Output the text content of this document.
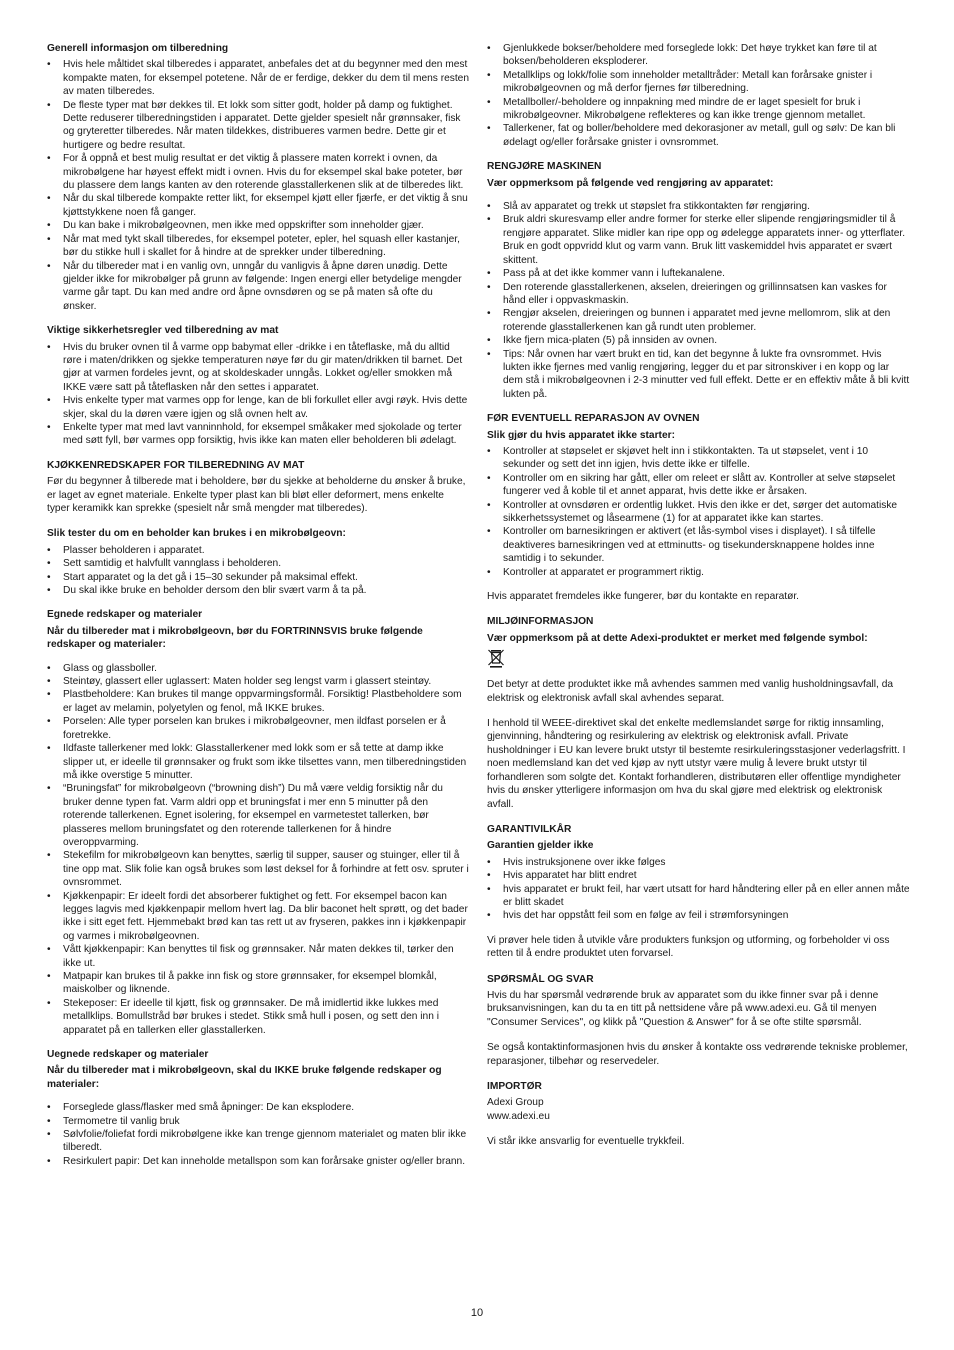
Generell informasjon om tilberedning
• Hvis hele måltidet skal tilberedes i apparatet, anbefales det at du begynner med den mest kompakte maten, for eksempel potetene. Når de er ferdige, dekker du dem til mens resten av maten tilberedes.
• De fleste typer mat bør dekkes til. Et lokk som sitter godt, holder på damp og fuktighet. Dette reduserer tilberedningstiden i apparatet. Dette gjelder spesielt når grønnsaker, fisk og gryteretter tilberedes. Når maten tildekkes, distribueres varmen bedre. Dette gir et hurtigere og bedre resultat.
• For å oppnå et best mulig resultat er det viktig å plassere maten korrekt i ovnen, da mikrobølgene har høyest effekt midt i ovnen. Hvis du for eksempel skal bake poteter, bør du plassere dem langs kanten av den roterende glasstallerkenen slik at de tilberedes likt.
• Når du skal tilberede kompakte retter likt, for eksempel kjøtt eller fjærfe, er det viktig å snu kjøttstykkene noen få ganger.
• Du kan bake i mikrobølgeovnen, men ikke med oppskrifter som inneholder gjær.
• Når mat med tykt skall tilberedes, for eksempel poteter, epler, hel squash eller kastanjer, bør du stikke hull i skallet for å hindre at de sprekker under tilberedning.
• Når du tilbereder mat i en vanlig ovn, unngår du vanligvis å åpne døren unødig. Dette gjelder ikke for mikrobølger på grunn av følgende: Ingen energi eller betydelige mengder varme går tapt. Du kan med andre ord åpne ovnsdøren og se på maten så ofte du ønsker.
Viktige sikkerhetsregler ved tilberedning av mat
• Hvis du bruker ovnen til å varme opp babymat eller -drikke i en tåteflaske, må du alltid røre i maten/drikken og sjekke temperaturen nøye før du gir maten/drikken til barnet. Det gjør at varmen fordeles jevnt, og at skoldeskader unngås. Lokket og/eller smokken må IKKE være satt på tåteflasken når den settes i apparatet.
• Hvis enkelte typer mat varmes opp for lenge, kan de bli forkullet eller avgi røyk. Hvis dette skjer, skal du la døren være igjen og slå ovnen helt av.
• Enkelte typer mat med lavt vanninnhold, for eksempel småkaker med sjokolade og terter med søtt fyll, bør varmes opp forsiktig, hvis ikke kan maten eller beholderen bli ødelagt.
KJØKKENREDSKAPER FOR TILBEREDNING AV MAT
Før du begynner å tilberede mat i beholdere, bør du sjekke at beholderne du ønsker å bruke, er laget av egnet materiale. Enkelte typer plast kan bli bløt eller deformert, mens enkelte typer keramikk kan sprekke (spesielt når små mengder mat tilberedes).
Slik tester du om en beholder kan brukes i en mikrobølgeovn:
• Plasser beholderen i apparatet.
• Sett samtidig et halvfullt vannglass i beholderen.
• Start apparatet og la det gå i 15–30 sekunder på maksimal effekt.
• Du skal ikke bruke en beholder dersom den blir svært varm å ta på.
Egnede redskaper og materialer
Når du tilbereder mat i mikrobølgeovn, bør du FORTRINNSVIS bruke følgende redskaper og materialer:
• Glass og glassboller.
• Steintøy, glassert eller uglassert: Maten holder seg lengst varm i glassert steintøy.
• Plastbeholdere: Kan brukes til mange oppvarmingsformål. Forsiktig! Plastbeholdere som er laget av melamin, polyetylen og fenol, må IKKE brukes.
• Porselen: Alle typer porselen kan brukes i mikrobølgeovner, men ildfast porselen er å foretrekke.
• Ildfaste tallerkener med lokk: Glasstallerkener med lokk som er så tette at damp ikke slipper ut, er ideelle til grønnsaker og frukt som ikke tilsettes vann, men tilberedningstiden må ikke overstige 5 minutter.
• “Bruningsfat” for mikrobølgeovn (“browning dish”) Du må være veldig forsiktig når du bruker denne typen fat. Varm aldri opp et bruningsfat i mer enn 5 minutter på den roterende tallerkenen. Egnet isolering, for eksempel en varmetestet tallerken, bør plasseres mellom bruningsfatet og den roterende tallerkenen for å hindre overoppvarming.
• Stekefilm for mikrobølgeovn kan benyttes, særlig til supper, sauser og stuinger, eller til å tine opp mat. Slik folie kan også brukes som løst deksel for å forhindre at fett osv. spruter i ovnsrommet.
• Kjøkkenpapir: Er ideelt fordi det absorberer fuktighet og fett. For eksempel bacon kan legges lagvis med kjøkkenpapir mellom hvert lag. Da blir baconet helt sprøtt, og det bader ikke i sitt eget fett. Hjemmebakt brød kan tas rett ut av fryseren, pakkes inn i kjøkkenpapir og varmes i mikrobølgeovnen.
• Vått kjøkkenpapir: Kan benyttes til fisk og grønnsaker. Når maten dekkes til, tørker den ikke ut.
• Matpapir kan brukes til å pakke inn fisk og store grønnsaker, for eksempel blomkål, maiskolber og liknende.
• Stekeposer: Er ideelle til kjøtt, fisk og grønnsaker. De må imidlertid ikke lukkes med metallklips. Bomullstråd bør brukes i stedet. Stikk små hull i posen, og sett den inn i apparatet på en tallerken eller glasstallerken.
Uegnede redskaper og materialer
Når du tilbereder mat i mikrobølgeovn, skal du IKKE bruke følgende redskaper og materialer:
• Forseglede glass/flasker med små åpninger: De kan eksplodere.
• Termometre til vanlig bruk
• Sølvfolie/foliefat fordi mikrobølgene ikke kan trenge gjennom materialet og maten blir ikke tilberedt.
• Resirkulert papir: Det kan inneholde metallspon som kan forårsake gnister og/eller brann.
• Gjenlukkede bokser/beholdere med forseglede lokk: Det høye trykket kan føre til at boksen/beholderen eksploderer.
• Metallklips og lokk/folie som inneholder metalltråder: Metall kan forårsake gnister i mikrobølgeovnen og må derfor fjernes før tilberedning.
• Metallboller/-beholdere og innpakning med mindre de er laget spesielt for bruk i mikrobølgeovner. Mikrobølgene reflekteres og kan ikke trenge gjennom metallet.
• Tallerkener, fat og boller/beholdere med dekorasjoner av metall, gull og sølv: De kan bli ødelagt og/eller forårsake gnister i ovnsrommet.
RENGJØRE MASKINEN
Vær oppmerksom på følgende ved rengjøring av apparatet:
• Slå av apparatet og trekk ut støpslet fra stikkontakten før rengjøring.
• Bruk aldri skuresvamp eller andre former for sterke eller slipende rengjøringsmidler til å rengjøre apparatet. Slike midler kan ripe opp og ødelegge apparatets inner- og ytterflater. Bruk en godt oppvridd klut og varm vann. Bruk litt vaskemiddel hvis apparatet er svært skittent.
• Pass på at det ikke kommer vann i luftekanalene.
• Den roterende glasstallerkenen, akselen, dreieringen og grillinnsatsen kan vaskes for hånd eller i oppvaskmaskin.
• Rengjør akselen, dreieringen og bunnen i apparatet med jevne mellomrom, slik at den roterende glasstallerkenen kan gå rundt uten problemer.
• Ikke fjern mica-platen (5) på innsiden av ovnen.
• Tips: Når ovnen har vært brukt en tid, kan det begynne å lukte fra ovnsrommet. Hvis lukten ikke fjernes med vanlig rengjøring, legger du et par sitronskiver i en kopp og lar dem stå i mikrobølgeovnen i 2-3 minutter ved full effekt. Dette er en effektiv måte å bli kvitt lukten på.
FØR EVENTUELL REPARASJON AV OVNEN
Slik gjør du hvis apparatet ikke starter:
• Kontroller at støpselet er skjøvet helt inn i stikkontakten. Ta ut støpselet, vent i 10 sekunder og sett det inn igjen, hvis dette ikke er tilfelle.
• Kontroller om en sikring har gått, eller om releet er slått av. Kontroller at selve støpselet fungerer ved å koble til et annet apparat, hvis dette ikke er årsaken.
• Kontroller at ovnsdøren er ordentlig lukket. Hvis den ikke er det, sørger det automatiske sikkerhetssystemet og låsearmene (1) for at apparatet ikke kan startes.
• Kontroller om barnesikringen er aktivert (et lås-symbol vises i displayet). I så tilfelle deaktiveres barnesikringen ved at ettminutts- og tisekundersknappene holdes inne samtidig i to sekunder.
• Kontroller at apparatet er programmert riktig.
Hvis apparatet fremdeles ikke fungerer, bør du kontakte en reparatør.
MILJØINFORMASJON
Vær oppmerksom på at dette Adexi-produktet er merket med følgende symbol:
Det betyr at dette produktet ikke må avhendes sammen med vanlig husholdningsavfall, da elektrisk og elektronisk avfall skal avhendes separat.
I henhold til WEEE-direktivet skal det enkelte medlemslandet sørge for riktig innsamling, gjenvinning, håndtering og resirkulering av elektrisk og elektronisk avfall. Private husholdninger i EU kan levere brukt utstyr til bestemte resirkuleringsstasjoner vederlagsfritt. I noen medlemsland kan det ved kjøp av nytt utstyr være mulig å levere brukt utstyr til forhandleren som solgte det. Kontakt forhandleren, distributøren eller offentlige myndigheter hvis du ønsker ytterligere informasjon om hva du skal gjøre med elektrisk og elektronisk avfall.
GARANTIVILKÅR
Garantien gjelder ikke
• Hvis instruksjonene over ikke følges
• Hvis apparatet har blitt endret
• hvis apparatet er brukt feil, har vært utsatt for hard håndtering eller på en eller annen måte er blitt skadet
• hvis det har oppstått feil som en følge av feil i strømforsyningen
Vi prøver hele tiden å utvikle våre produkters funksjon og utforming, og forbeholder vi oss retten til å endre produktet uten forvarsel.
SPØRSMÅL OG SVAR
Hvis du har spørsmål vedrørende bruk av apparatet som du ikke finner svar på i denne bruksanvisningen, kan du ta en titt på nettsidene våre på www.adexi.eu. Gå til menyen "Consumer Services", og klikk på "Question & Answer" for å se ofte stilte spørsmål.
Se også kontaktinformasjonen hvis du ønsker å kontakte oss vedrørende tekniske problemer, reparasjoner, tilbehør og reservedeler.
IMPORTØR
Adexi Group
www.adexi.eu
Vi står ikke ansvarlig for eventuelle trykkfeil.
10
